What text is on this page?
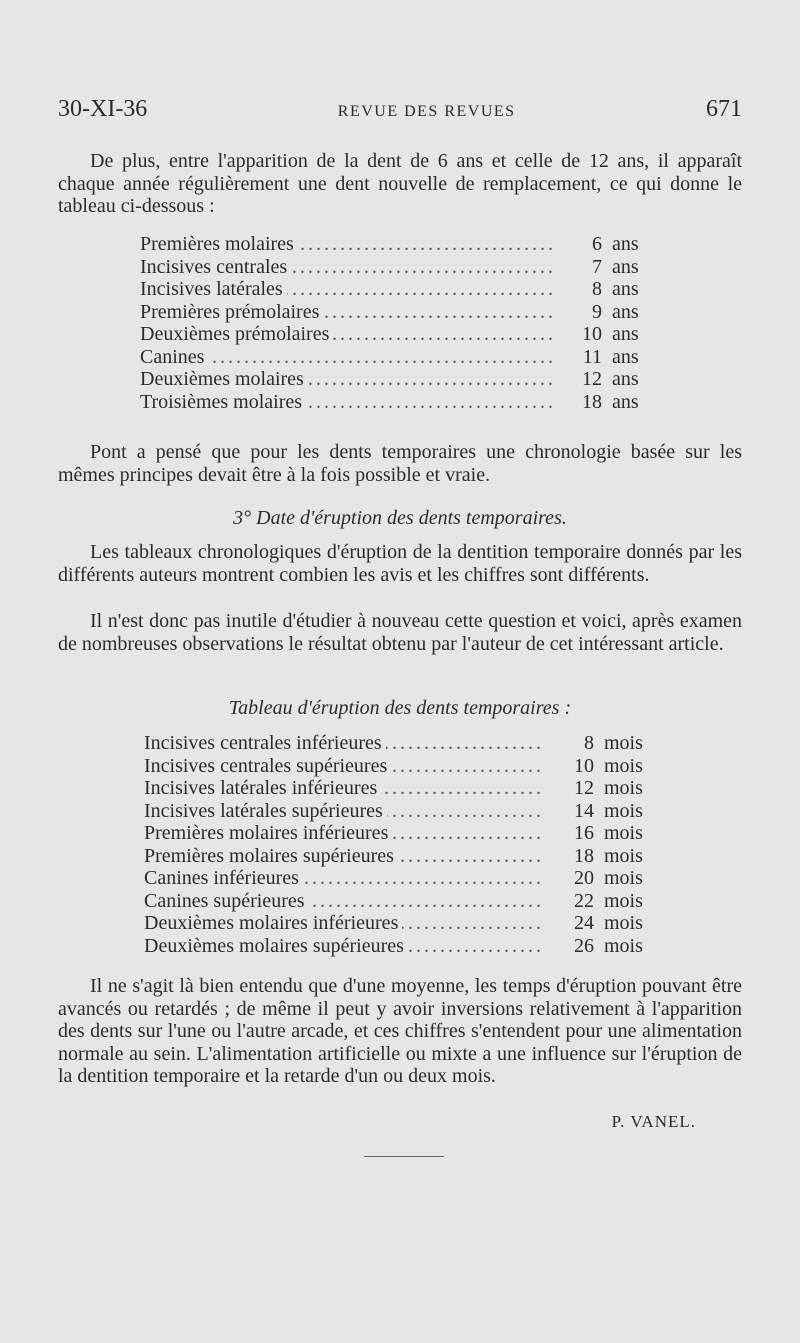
30-XI-36	REVUE DES REVUES	671

De plus, entre l'apparition de la dent de 6 ans et celle de 12 ans, il apparaît chaque année régulièrement une dent nouvelle de remplacement, ce qui donne le tableau ci-dessous :

Premières molaires . . .	6 ans
Incisives centrales . . .	7 ans
Incisives latérales . . .	8 ans
Premières prémolaires . . .	9 ans
Deuxièmes prémolaires . . .	10 ans
Canines . . .	11 ans
Deuxièmes molaires . . .	12 ans
Troisièmes molaires . . .	18 ans

Pont a pensé que pour les dents temporaires une chronologie basée sur les mêmes principes devait être à la fois possible et vraie.

3° Date d'éruption des dents temporaires.

Les tableaux chronologiques d'éruption de la dentition temporaire donnés par les différents auteurs montrent combien les avis et les chiffres sont différents.

Il n'est donc pas inutile d'étudier à nouveau cette question et voici, après examen de nombreuses observations le résultat obtenu par l'auteur de cet intéressant article.

Tableau d'éruption des dents temporaires :
Incisives centrales inférieures . . .	8 mois
Incisives centrales supérieures . . .	10 mois
Incisives latérales inférieures . . .	12 mois
Incisives latérales supérieures . . .	14 mois
Premières molaires inférieures . . .	16 mois
Premières molaires supérieures . . .	18 mois
Canines inférieures . . .	20 mois
Canines supérieures . . .	22 mois
Deuxièmes molaires inférieures . . .	24 mois
Deuxièmes molaires supérieures . . .	26 mois

Il ne s'agit là bien entendu que d'une moyenne, les temps d'éruption pouvant être avancés ou retardés ; de même il peut y avoir inversions relativement à l'apparition des dents sur l'une ou l'autre arcade, et ces chiffres s'entendent pour une alimentation normale au sein. L'alimentation artificielle ou mixte a une influence sur l'éruption de la dentition temporaire et la retarde d'un ou deux mois.

P. VANEL.
